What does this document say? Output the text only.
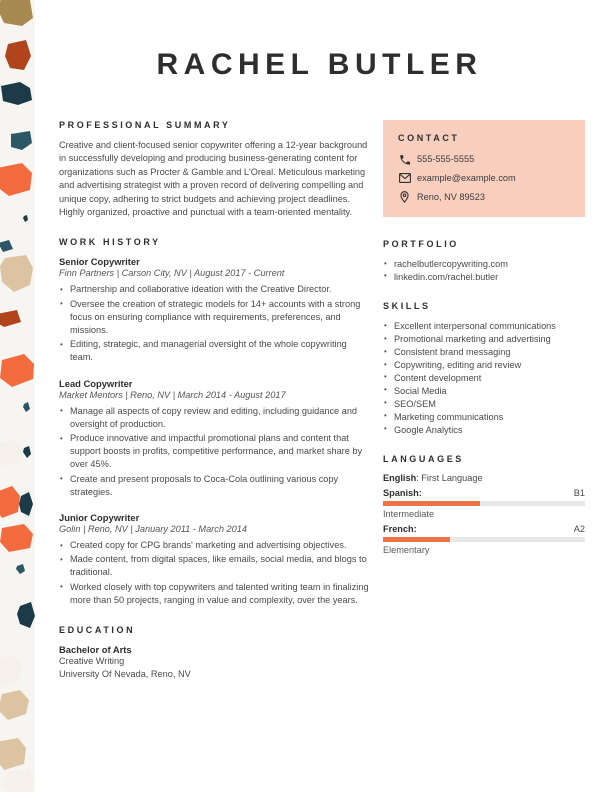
RACHEL BUTLER
PROFESSIONAL SUMMARY

Creative and client-focused senior copywriter offering a 12-year background in successfully developing and producing business-generating content for organizations such as Procter & Gamble and L'Oreal. Meticulous marketing and advertising strategist with a proven record of delivering compelling and unique copy, adhering to strict budgets and achieving project deadlines. Highly organized, proactive and punctual with a team-oriented mentality.

WORK HISTORY
Senior Copywriter
Finn Partners | Carson City, NV | August 2017 - Current
• Partnership and collaborative ideation with the Creative Director.
• Oversee the creation of strategic models for 14+ accounts with a strong focus on ensuring compliance with requirements, preferences, and missions.
• Editing, strategic, and managerial oversight of the whole copywriting team.
Lead Copywriter
Market Mentors | Reno, NV | March 2014 - August 2017
• Manage all aspects of copy review and editing, including guidance and oversight of production.
• Produce innovative and impactful promotional plans and content that support boosts in profits, competitive performance, and market share by over 45%.
• Create and present proposals to Coca-Cola outlining various copy strategies.
Junior Copywriter
Golin | Reno, NV | January 2011 - March 2014
• Created copy for CPG brands' marketing and advertising objectives.
• Made content, from digital spaces, like emails, social media, and blogs to traditional.
• Worked closely with top copywriters and talented writing team in finalizing more than 50 projects, ranging in value and complexity, over the years.
EDUCATION
Bachelor of Arts
Creative Writing
University Of Nevada, Reno, NV
CONTACT
555-555-5555
example@example.com
Reno, NV 89523
PORTFOLIO
• rachelbutlercopywriting.com
• linkedin.com/rachel.butler
SKILLS
• Excellent interpersonal communications
• Promotional marketing and advertising
• Consistent brand messaging
• Copywriting, editing and review
• Content development
• Social Media
• SEO/SEM
• Marketing communications
• Google Analytics
LANGUAGES
English: First Language
Spanish:	B1
Intermediate
French:	A2
Elementary
